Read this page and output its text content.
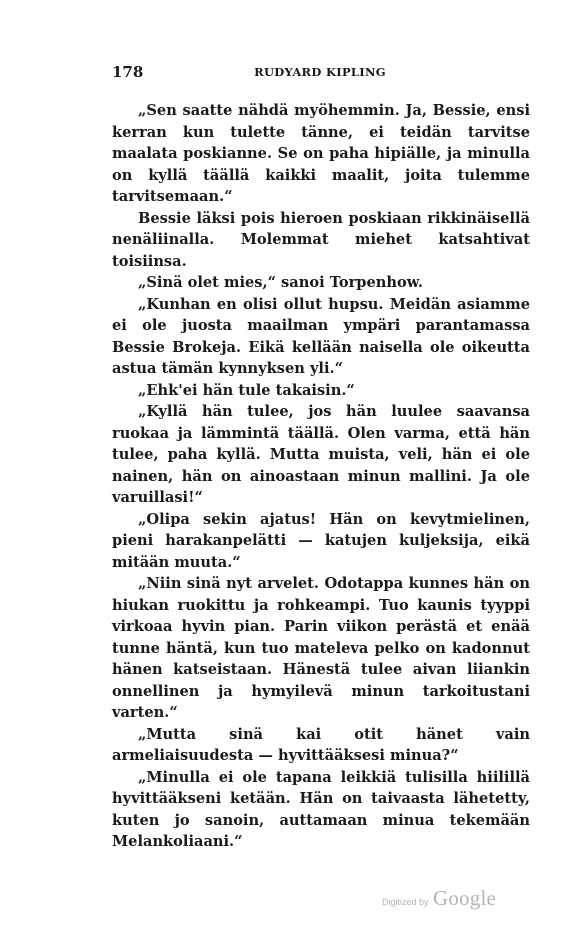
178	RUDYARD KIPLING

„Sen saatte nähdä myöhemmin. Ja, Bessie, ensi kerran kun tulette tänne, ei teidän tarvitse maalata poskianne. Se on paha hipiälle, ja minulla on kyllä täällä kaikki maalit, joita tulemme tarvitsemaan.“

Bessie läksi pois hieroen poskiaan rikkinäisellä nenäliinalla. Molemmat miehet katsahtivat toisiinsa.

„Sinä olet mies,“ sanoi Torpenhow.

„Kunhan en olisi ollut hupsu. Meidän asiamme ei ole juosta maailman ympäri parantamassa Bessie Brokeja. Eikä kellään naisella ole oikeutta astua tämän kynnyksen yli.“

„Ehk'ei hän tule takaisin.“

„Kyllä hän tulee, jos hän luulee saavansa ruokaa ja lämmintä täällä. Olen varma, että hän tulee, paha kyllä. Mutta muista, veli, hän ei ole nainen, hän on ainoastaan minun mallini. Ja ole varuillasi!“

„Olipa sekin ajatus! Hän on kevytmielinen, pieni harakanpelätti — katujen kuljeksija, eikä mitään muuta.“

„Niin sinä nyt arvelet. Odotappa kunnes hän on hiukan ruokittu ja rohkeampi. Tuo kaunis tyyppi virkoaa hyvin pian. Parin viikon perästä et enää tunne häntä, kun tuo mateleva pelko on kadonnut hänen katseistaan. Hänestä tulee aivan liiankin onnellinen ja hymyilevä minun tarkoitustani varten.“

„Mutta sinä kai otit hänet vain armeliaisuudesta — hyvittääksesi minua?“

„Minulla ei ole tapana leikkiä tulisilla hiilillä hyvittääkseni ketään. Hän on taivaasta lähetetty, kuten jo sanoin, auttamaan minua tekemään Melankoliaani.“

Digitized by Google
